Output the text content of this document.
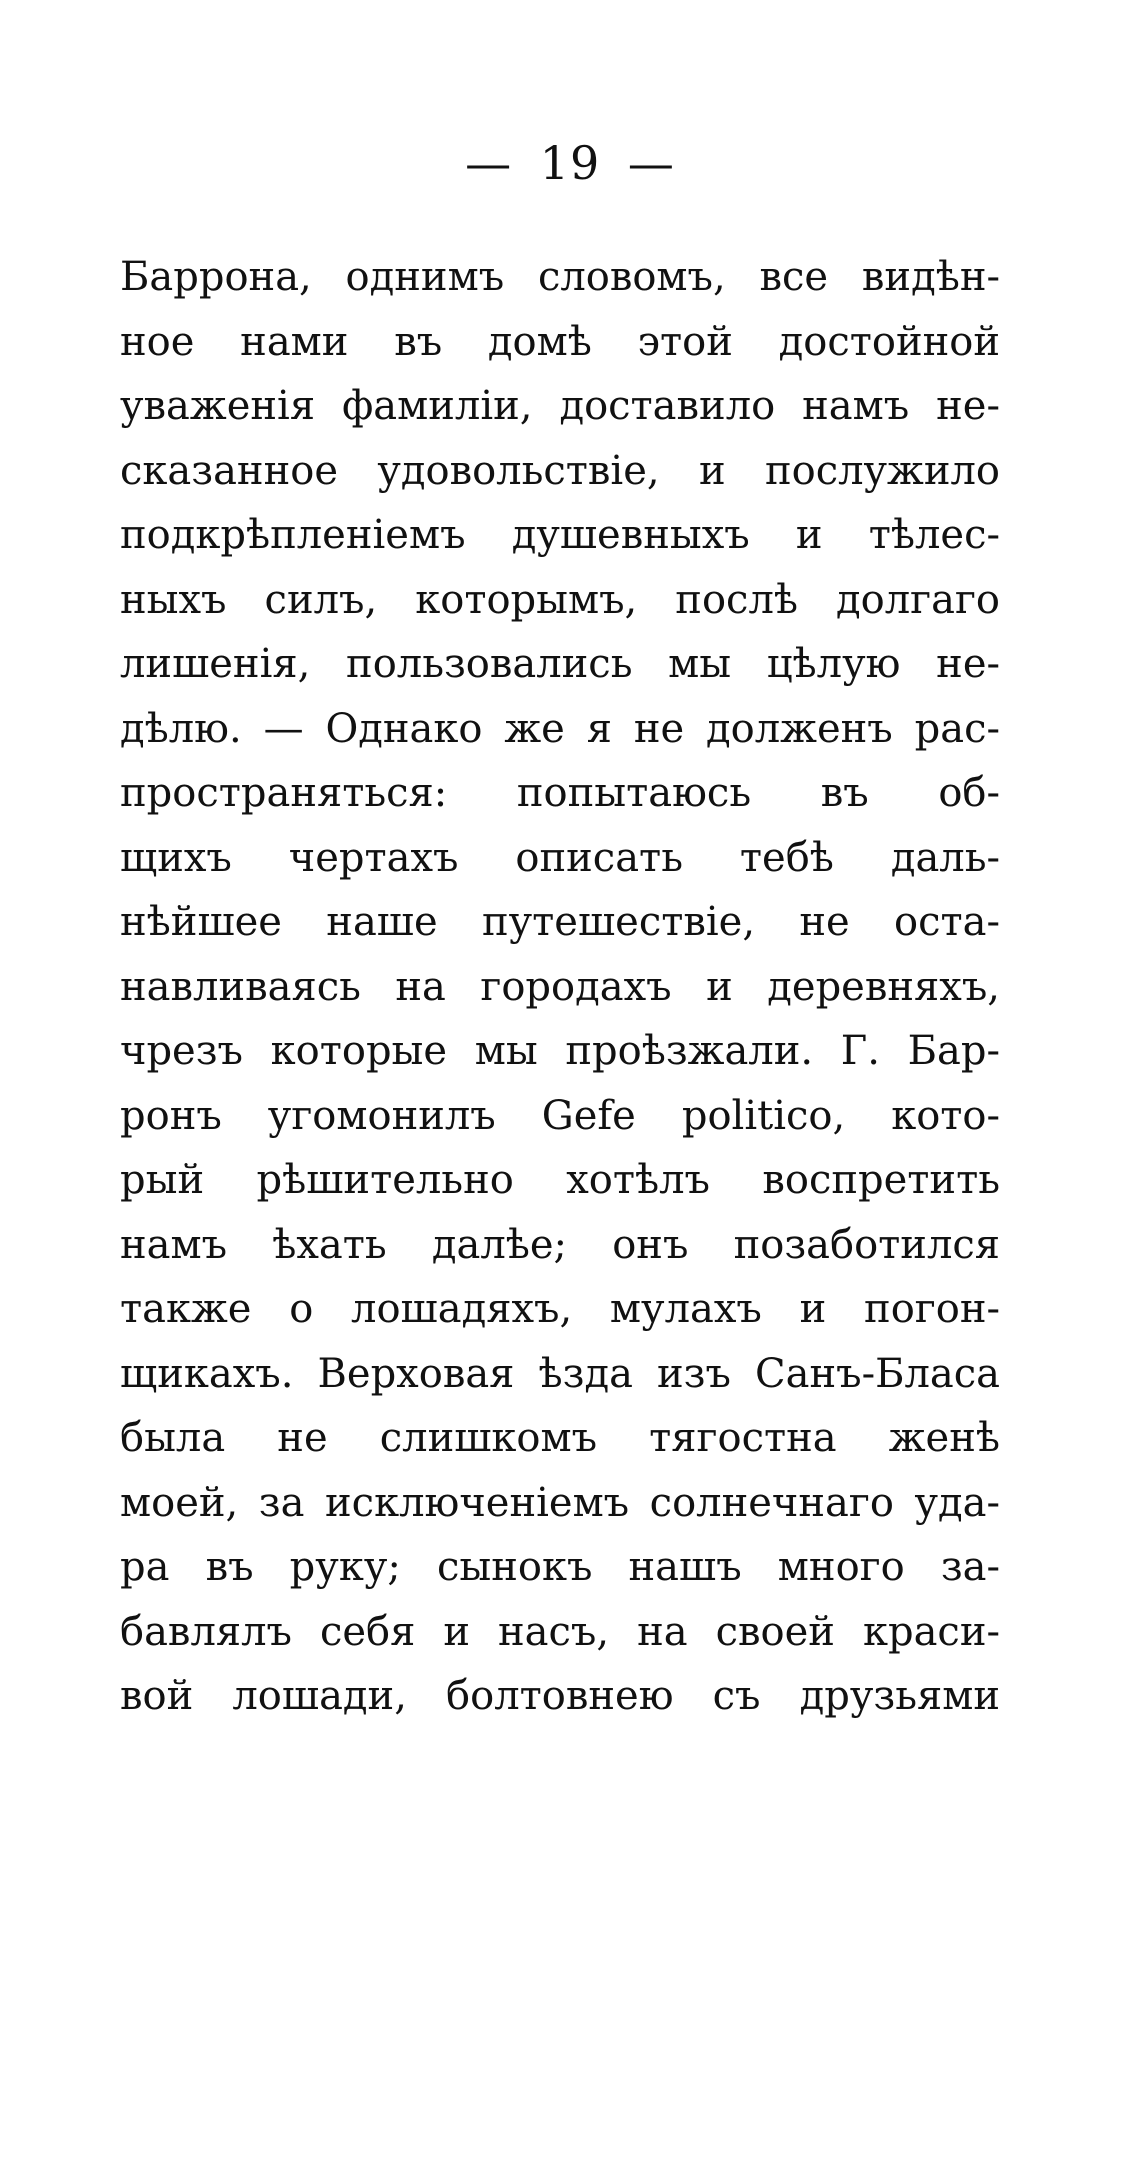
— 19 —
Баррона, однимъ словомъ, все видѣн-
ное нами въ домѣ этой достойной
уваженія фамиліи, доставило намъ не-
сказанное удовольствіе, и послужило
подкрѣпленіемъ душевныхъ и тѣлес-
ныхъ силъ, которымъ, послѣ долгаго
лишенія, пользовались мы цѣлую не-
дѣлю. — Однако же я не долженъ рас-
пространяться: попытаюсь въ об-
щихъ чертахъ описать тебѣ даль-
нѣйшее наше путешествіе, не оста-
навливаясь на городахъ и деревняхъ,
чрезъ которые мы проѣзжали. Г. Бар-
ронъ угомонилъ Gefe politico, кото-
рый рѣшительно хотѣлъ воспретить
намъ ѣхать далѣе; онъ позаботился
также о лошадяхъ, мулахъ и погон-
щикахъ. Верховая ѣзда изъ Санъ-Бласа
была не слишкомъ тягостна женѣ
моей, за исключеніемъ солнечнаго уда-
ра въ руку; сынокъ нашъ много за-
бавлялъ себя и насъ, на своей краси-
вой лошади, болтовнею съ друзьями
